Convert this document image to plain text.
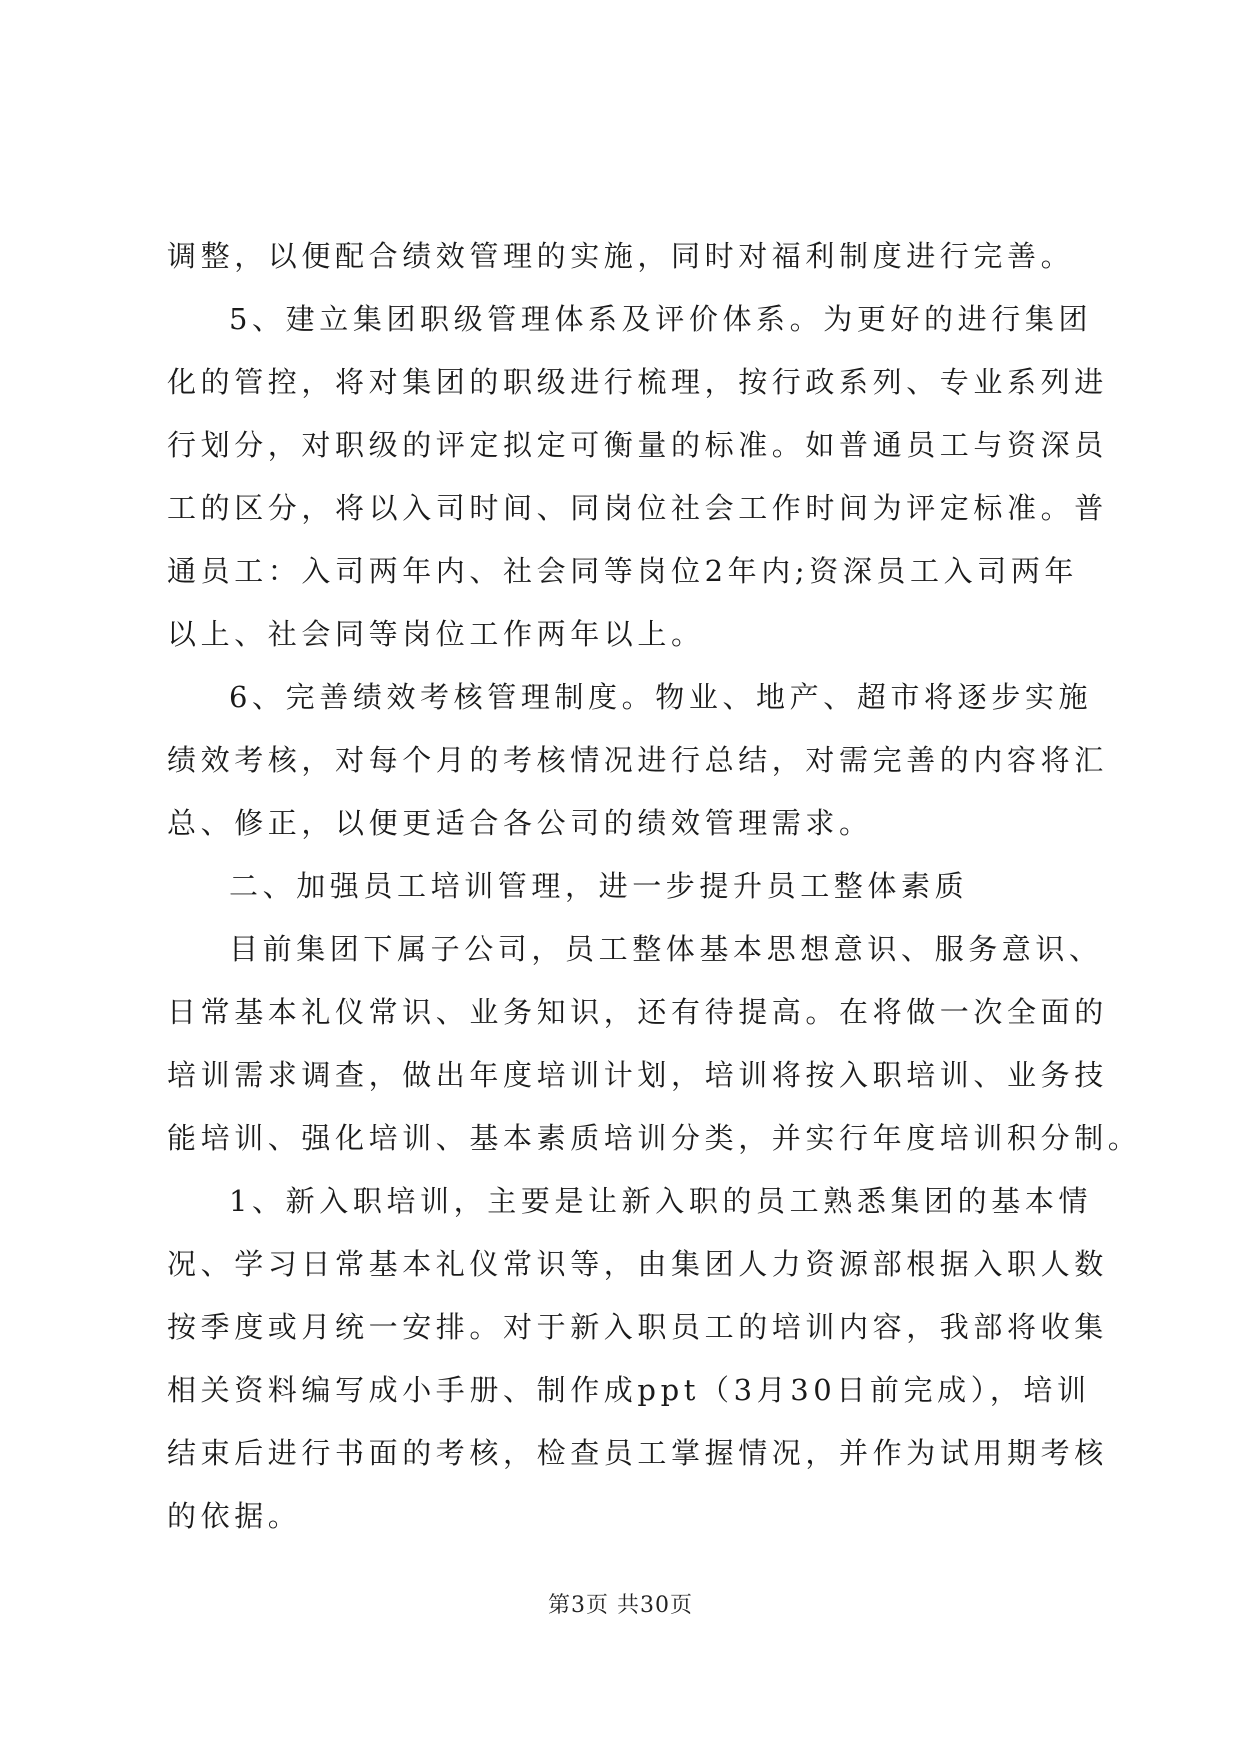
调整，以便配合绩效管理的实施，同时对福利制度进行完善。
5、建立集团职级管理体系及评价体系。为更好的进行集团
化的管控，将对集团的职级进行梳理，按行政系列、专业系列进
行划分，对职级的评定拟定可衡量的标准。如普通员工与资深员
工的区分，将以入司时间、同岗位社会工作时间为评定标准。普
通员工：入司两年内、社会同等岗位2年内;资深员工入司两年
以上、社会同等岗位工作两年以上。
6、完善绩效考核管理制度。物业、地产、超市将逐步实施
绩效考核，对每个月的考核情况进行总结，对需完善的内容将汇
总、修正，以便更适合各公司的绩效管理需求。
二、加强员工培训管理，进一步提升员工整体素质
目前集团下属子公司，员工整体基本思想意识、服务意识、
日常基本礼仪常识、业务知识，还有待提高。在将做一次全面的
培训需求调查，做出年度培训计划，培训将按入职培训、业务技
能培训、强化培训、基本素质培训分类，并实行年度培训积分制。
1、新入职培训，主要是让新入职的员工熟悉集团的基本情
况、学习日常基本礼仪常识等，由集团人力资源部根据入职人数
按季度或月统一安排。对于新入职员工的培训内容，我部将收集
相关资料编写成小手册、制作成ppt（3月30日前完成），培训
结束后进行书面的考核，检查员工掌握情况，并作为试用期考核
的依据。
第3页 共30页
